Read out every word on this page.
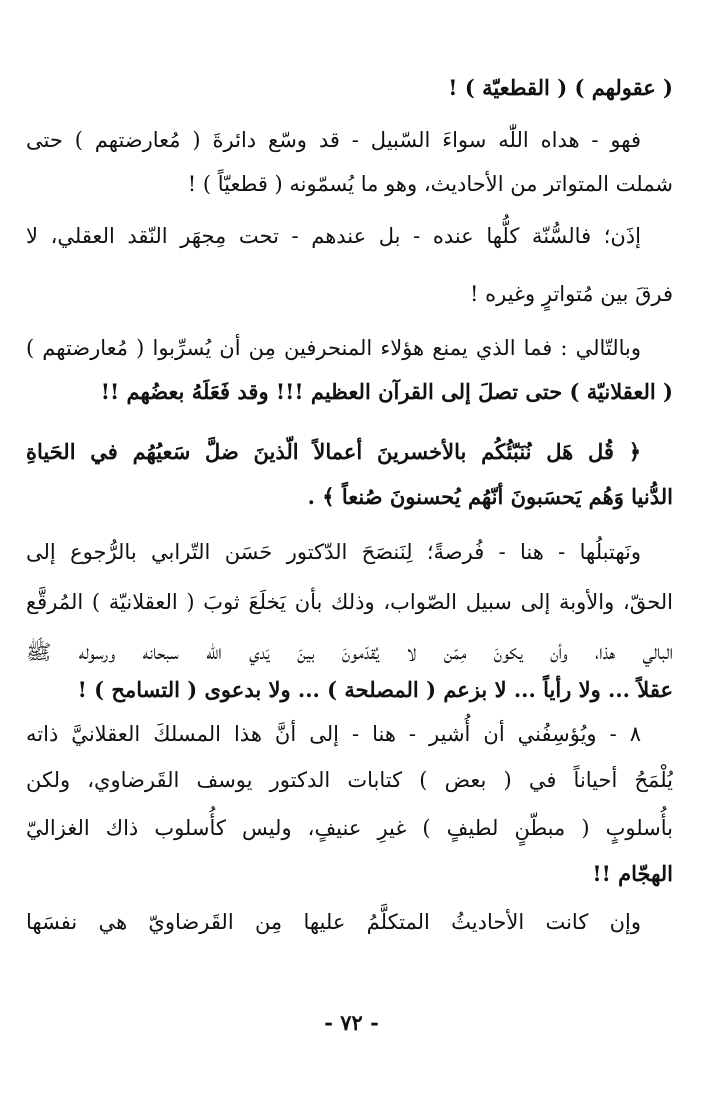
( عقولهم ) ( القطعيّة ) !
فهو - هداه اللّٰه سواءَ السّبيل - قد وسّع دائرةَ ( مُعارضتهم ) حتى
شملت المتواتر من الأحاديث، وهو ما يُسمّونه ( قطعيّاً ) !
إذَن؛ فالسُّنّة كلُّها عنده - بل عندهم - تحت مِجهَر النّقد العقلي، لا
فرقَ بين مُتواترٍ وغيره !
وبالتّالي : فما الذي يمنع هؤلاء المنحرفين مِن أن يُسرِّبوا ( مُعارضتهم )
( العقلانيّة ) حتى تصلَ إلى القرآن العظيم !!! وقد فَعَلَهُ بعضُهم !!
﴿ قُل هَل نُنَبّئُكُم بالأخسرينَ أعمالاً الّذينَ ضلَّ سَعيُهُم في الحَياةِ
الدُّنيا وَهُم يَحسَبونَ أنّهُم يُحسنونَ صُنعاً ﴾ .
ونَهتبلُها - هنا - فُرصةً؛ لِنَنصَحَ الدّكتور حَسَن التّرابي بالرُّجوع إلى
الحقّ، والأوبة إلى سبيل الصّواب، وذلك بأن يَخلَعَ ثوبَ ( العقلانيّة ) المُرقَّع
البالي هذا، وأن يكونَ مِمّن لا يُقدّمونَ بينَ يَدي اللّٰه سبحانه ورسوله ﷺ
عقلاً ... ولا رأياً ... لا بزعم ( المصلحة ) ... ولا بدعوى ( التسامح ) !
٨ - ويُؤسِفُني أن أُشير - هنا - إلى أنَّ هذا المسلكَ العقلانيَّ ذاته
يُلْمَحُ أحياناً في ( بعض ) كتابات الدكتور يوسف القَرضاوي، ولكن
بأُسلوبٍ ( مبطّنٍ لطيفٍ ) غيرِ عنيفٍ، وليس كأُسلوب ذاك الغزاليّ
الهجّام !!
وإن كانت الأحاديثُ المتكلَّمُ عليها مِن القَرضاويّ هي نفسَها
- ٧٢ -
